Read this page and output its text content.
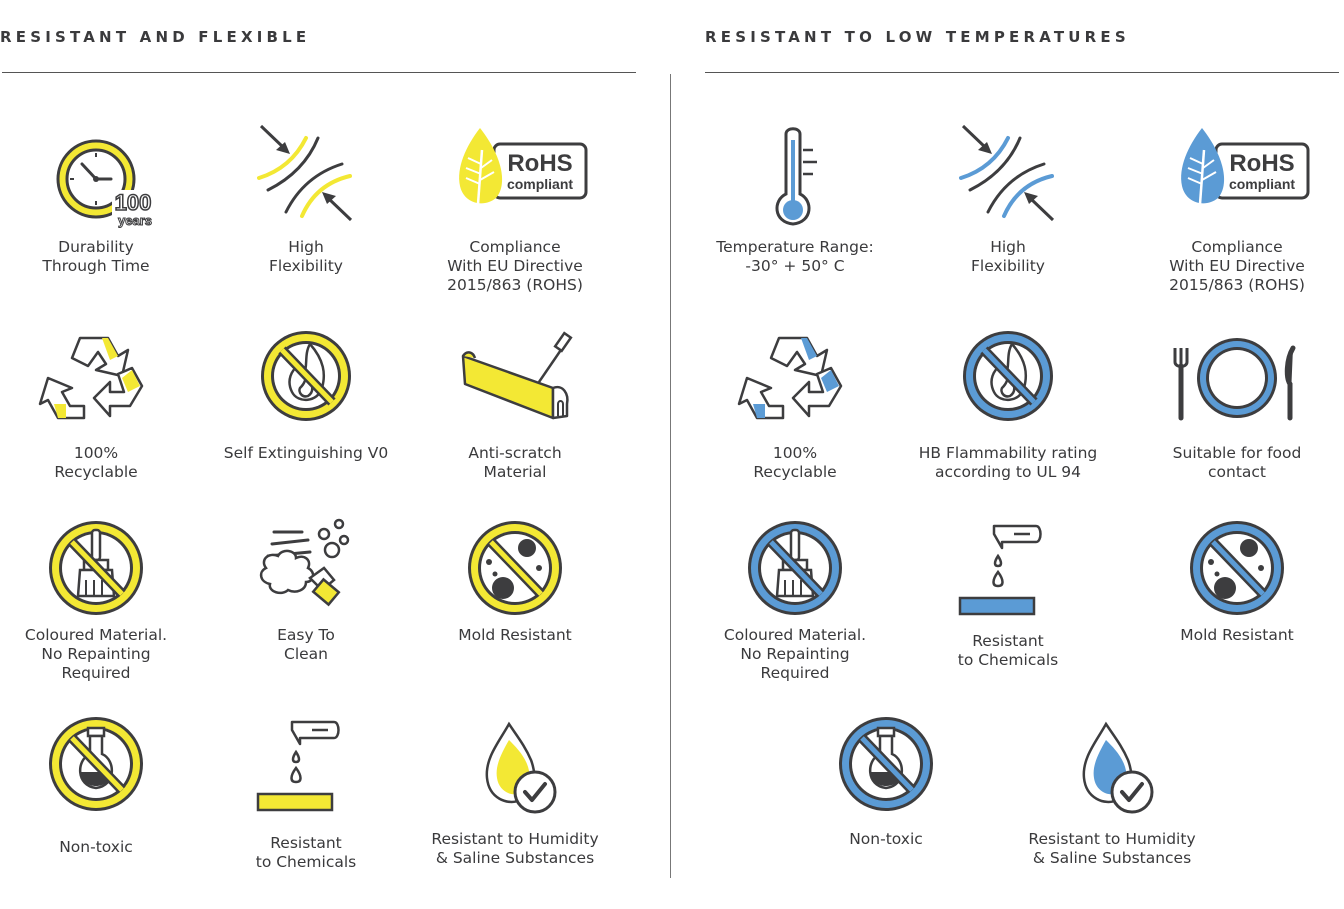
RESISTANT AND FLEXIBLE	RESISTANT TO LOW TEMPERATURES
100
years
Durability
Through Time
High
Flexibility
RoHS
compliant
Compliance
With EU Directive
2015/863 (ROHS)
100%
Recyclable
Self Extinguishing V0	Anti-scratch
Material
Coloured Material.
No Repainting
Required
Easy To
Clean
Mold Resistant
Non-toxic	Resistant
to Chemicals
Resistant to Humidity
& Saline Substances
Temperature Range:
-30° + 50° C
High
Flexibility
RoHS
compliant
Compliance
With EU Directive
2015/863 (ROHS)
100%
Recyclable
HB Flammability rating
according to UL 94
Suitable for food
contact
Coloured Material.
No Repainting
Required
Resistant
to Chemicals
Mold Resistant
Non-toxic	Resistant to Humidity
& Saline Substances
